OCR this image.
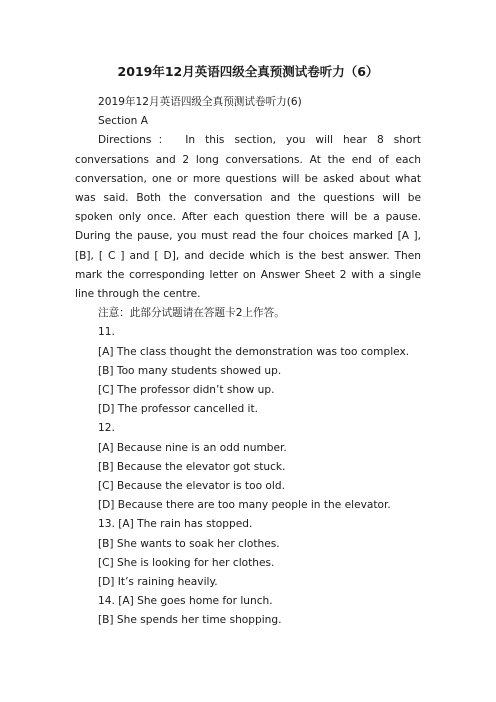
2019年12月英语四级全真预测试卷听力（6）

2019年12月英语四级全真预测试卷听力(6)

Section A

Directions： In this section, you will hear 8 short conversations and 2 long conversations. At the end of each conversation, one or more questions will be asked about what was said. Both the conversation and the questions will be spoken only once. After each question there will be a pause. During the pause, you must read the four choices marked [A ], [B], [ C ] and [ D], and decide which is the best answer. Then mark the corresponding letter on Answer Sheet 2 with a single line through the centre.

注意：此部分试题请在答题卡2上作答。

11.

[A] The class thought the demonstration was too complex.

[B] Too many students showed up.

[C] The professor didn’t show up.

[D] The professor cancelled it.

12.

[A] Because nine is an odd number.

[B] Because the elevator got stuck.

[C] Because the elevator is too old.

[D] Because there are too many people in the elevator.

13. [A] The rain has stopped.

[B] She wants to soak her clothes.

[C] She is looking for her clothes.

[D] It’s raining heavily.

14. [A] She goes home for lunch.

[B] She spends her time shopping.
